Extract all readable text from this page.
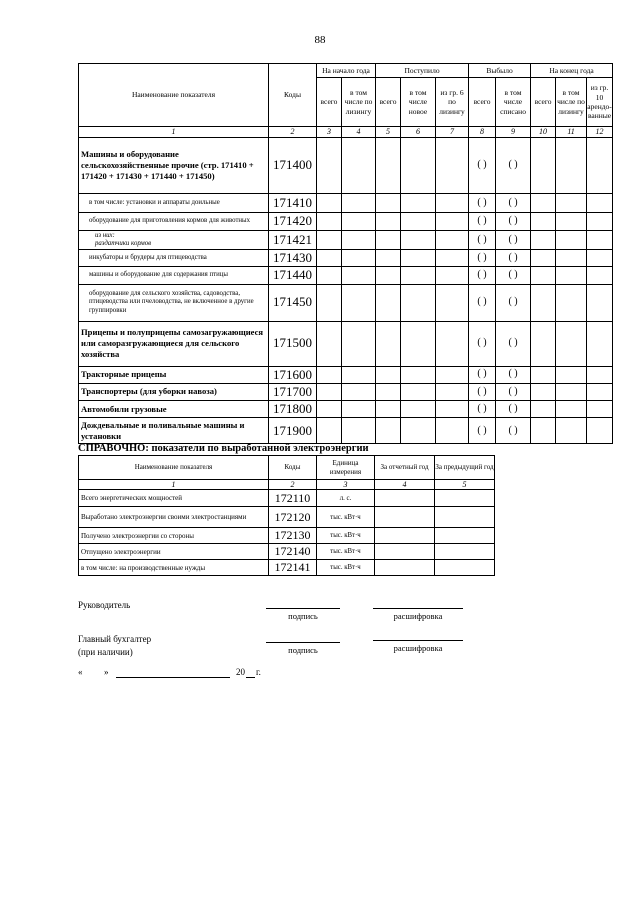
88
Наименование показателя	Коды	На начало года		Поступило			Выбыло		На конец года		
		всего	в том числе по лизингу	всего	в том числе новое	из гр. 6 по лизингу	всего	в том числе списано	всего	в том числе по лизингу	из гр. 10 арендо-ванные
1	2	3	4	5	6	7	8	9	10	11	12
Машины и оборудование сельскохозяйственные прочие (стр. 171410 + 171420 + 171430 + 171440 + 171450)	171400						( )	( )			
в том числе: установки и аппараты доильные	171410						( )	( )			
оборудование для приготовления кормов для животных	171420						( )	( )			
из них:
раздатчики кормов	171421						( )	( )			
инкубаторы и брудеры для птицеводства	171430						( )	( )			
машины и оборудование для содержания птицы	171440						( )	( )			
оборудование для сельского хозяйства, садоводства, птицеводства или пчеловодства, не включенное в другие группировки	171450						( )	( )			
Прицепы и полуприцепы самозагружающиеся или саморазгружающиеся для сельского хозяйства	171500						( )	( )			
Тракторные прицепы	171600						( )	( )			
Транспортеры (для уборки навоза)	171700						( )	( )			
Автомобили грузовые	171800						( )	( )			
Дождевальные и поливальные машины и установки	171900						( )	( )			
СПРАВОЧНО: показатели по выработанной электроэнергии
Наименование показателя	Коды	Единица измерения	За отчетный год	За предыдущий год
1	2	3	4	5
Всего энергетических мощностей	172110	л. с.		
Выработано электроэнергии своими электростанциями	172120	тыс. кВт·ч		
Получено электроэнергии со стороны	172130	тыс. кВт·ч		
Отпущено электроэнергии	172140	тыс. кВт·ч		
в том числе: на производственные нужды	172141	тыс. кВт·ч		
Руководитель
подпись	расшифровка
Главный бухгалтер
(при наличии)	подпись	расшифровка
« »	20 г.
